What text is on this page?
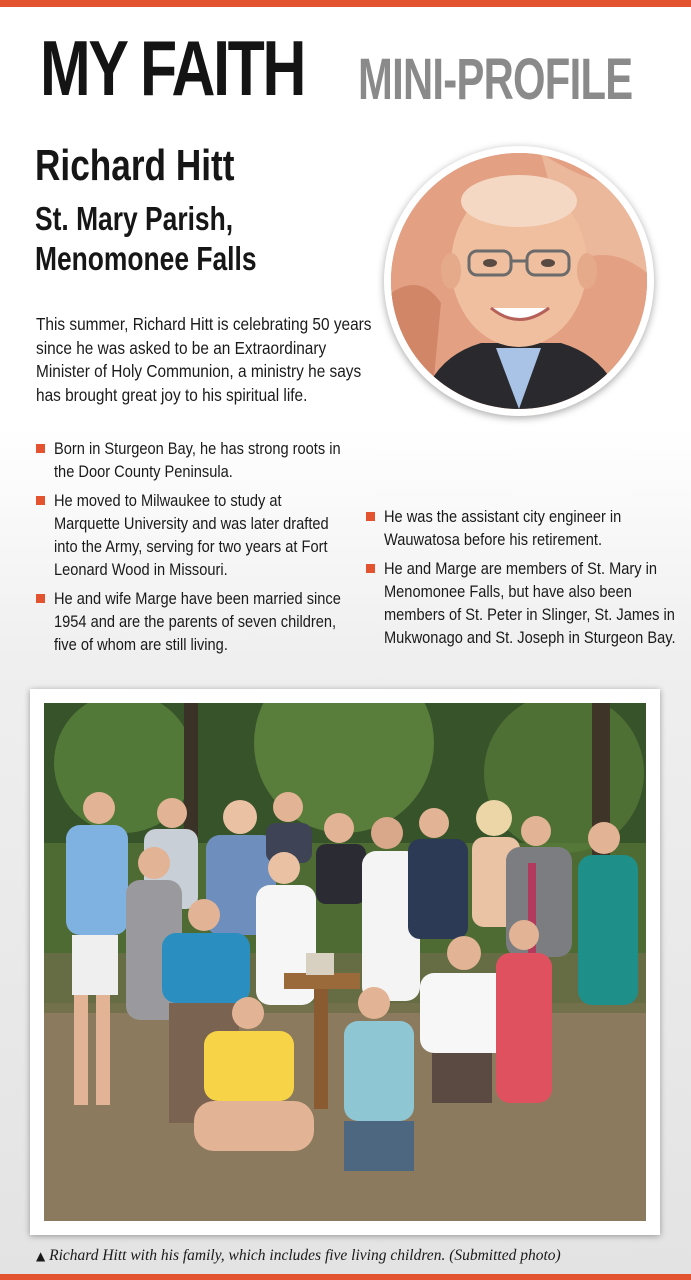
MY FAITH MINI-PROFILE
Richard Hitt
St. Mary Parish,
Menomonee Falls
This summer, Richard Hitt is celebrating 50 years since he was asked to be an Extraordinary Minister of Holy Communion, a ministry he says has brought great joy to his spiritual life.
Born in Sturgeon Bay, he has strong roots in the Door County Peninsula.
He moved to Milwaukee to study at Marquette University and was later drafted into the Army, serving for two years at Fort Leonard Wood in Missouri.
He and wife Marge have been married since 1954 and are the parents of seven children, five of whom are still living.
He was the assistant city engineer in Wauwatosa before his retirement.
He and Marge are members of St. Mary in Menomonee Falls, but have also been members of St. Peter in Slinger, St. James in Mukwonago and St. Joseph in Sturgeon Bay.
▲ Richard Hitt with his family, which includes five living children. (Submitted photo)
